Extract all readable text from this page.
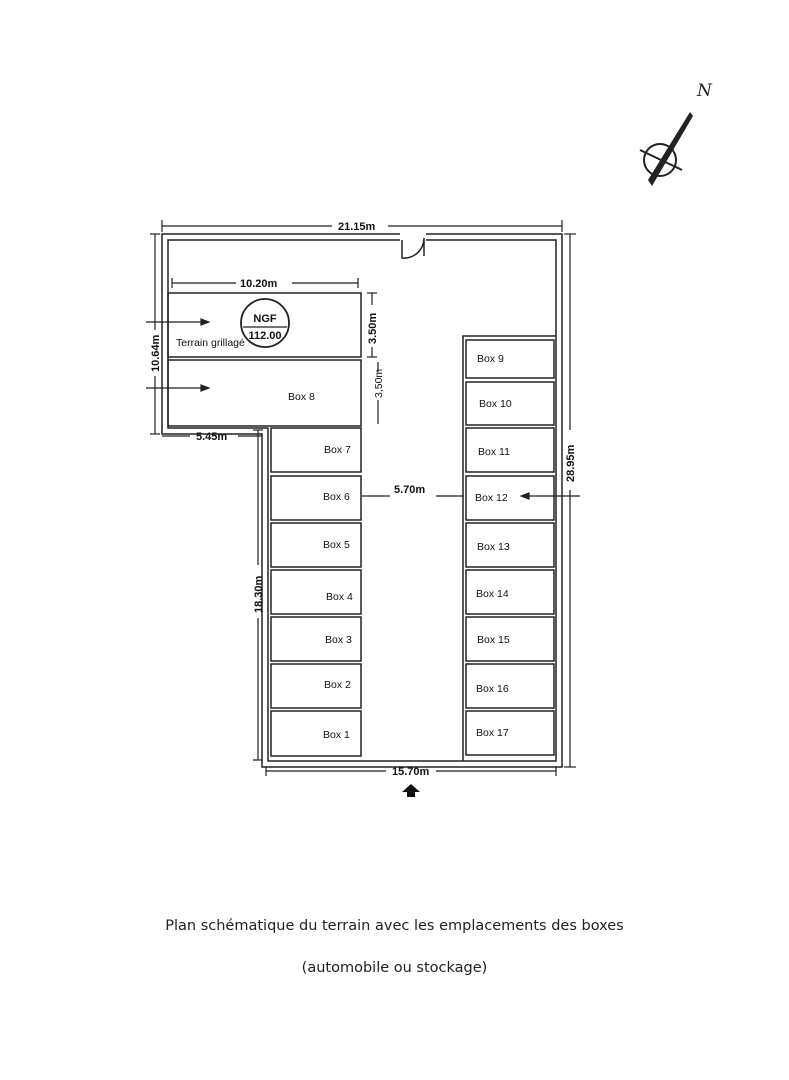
N
21.15m
10.20m
28.95m
10.64m
3.50m
3,50m
5.45m
5.70m
18.30m
15.70m
NGF
112.00
Terrain grillagé
Box 8
Box 7
Box 6
Box 5
Box 4
Box 3
Box 2
Box 1
Box 9
Box 10
Box 11
Box 12
Box 13
Box 14
Box 15
Box 16
Box 17
Plan schématique du terrain avec les emplacements des boxes
(automobile ou stockage)
